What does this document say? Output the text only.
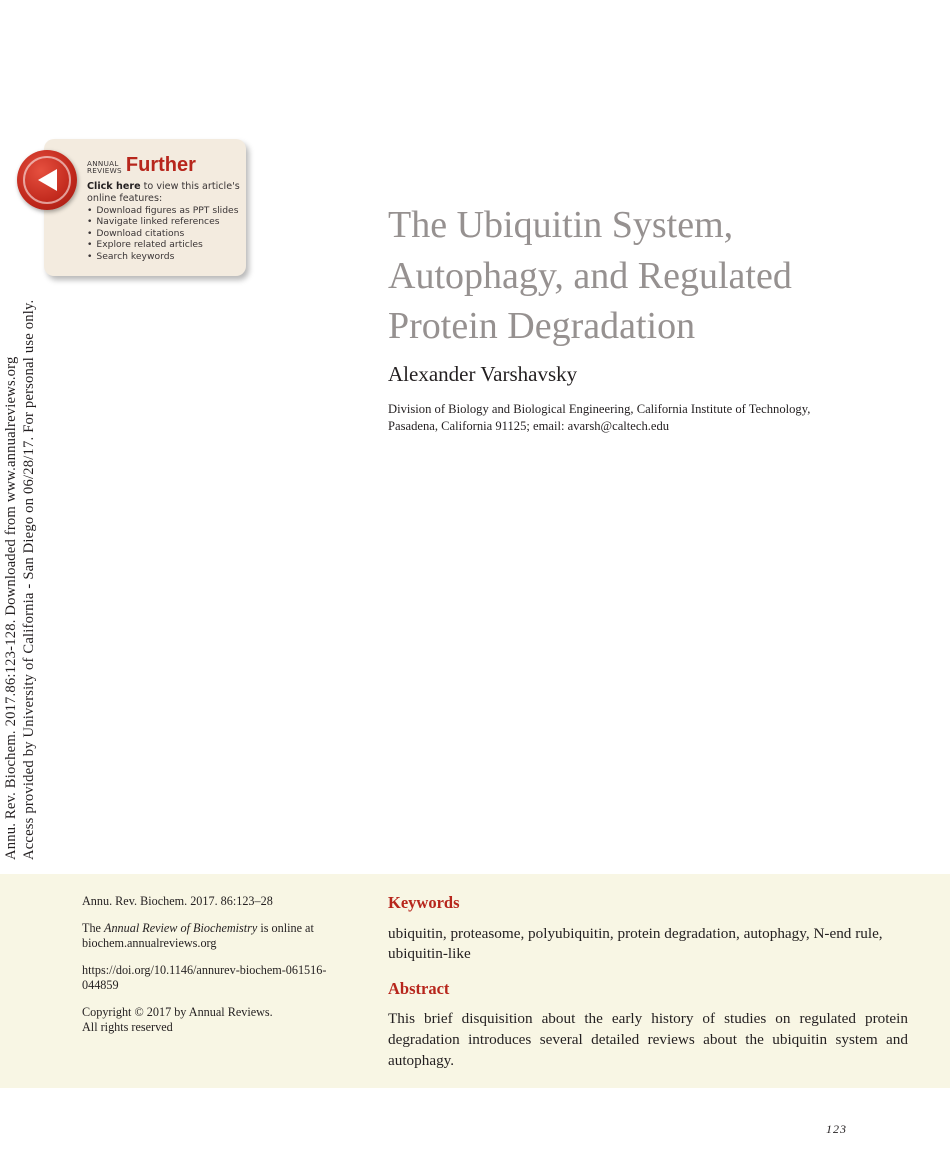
Annu. Rev. Biochem. 2017.86:123-128. Downloaded from www.annualreviews.org Access provided by University of California - San Diego on 06/28/17. For personal use only.
ANNUAL
REVIEWS Further
Click here to view this article's online features:
• Download figures as PPT slides
• Navigate linked references
• Download citations
• Explore related articles
• Search keywords
The Ubiquitin System,
Autophagy, and Regulated
Protein Degradation
Alexander Varshavsky
Division of Biology and Biological Engineering, California Institute of Technology,
Pasadena, California 91125; email: avarsh@caltech.edu

Annu. Rev. Biochem. 2017. 86:123–28

The Annual Review of Biochemistry is online at biochem.annualreviews.org

https://doi.org/10.1146/annurev-biochem-061516-044859

Copyright © 2017 by Annual Reviews.
All rights reserved

Keywords
ubiquitin, proteasome, polyubiquitin, protein degradation, autophagy, N-end rule, ubiquitin-like
Abstract
This brief disquisition about the early history of studies on regulated protein degradation introduces several detailed reviews about the ubiquitin system and autophagy.
123
